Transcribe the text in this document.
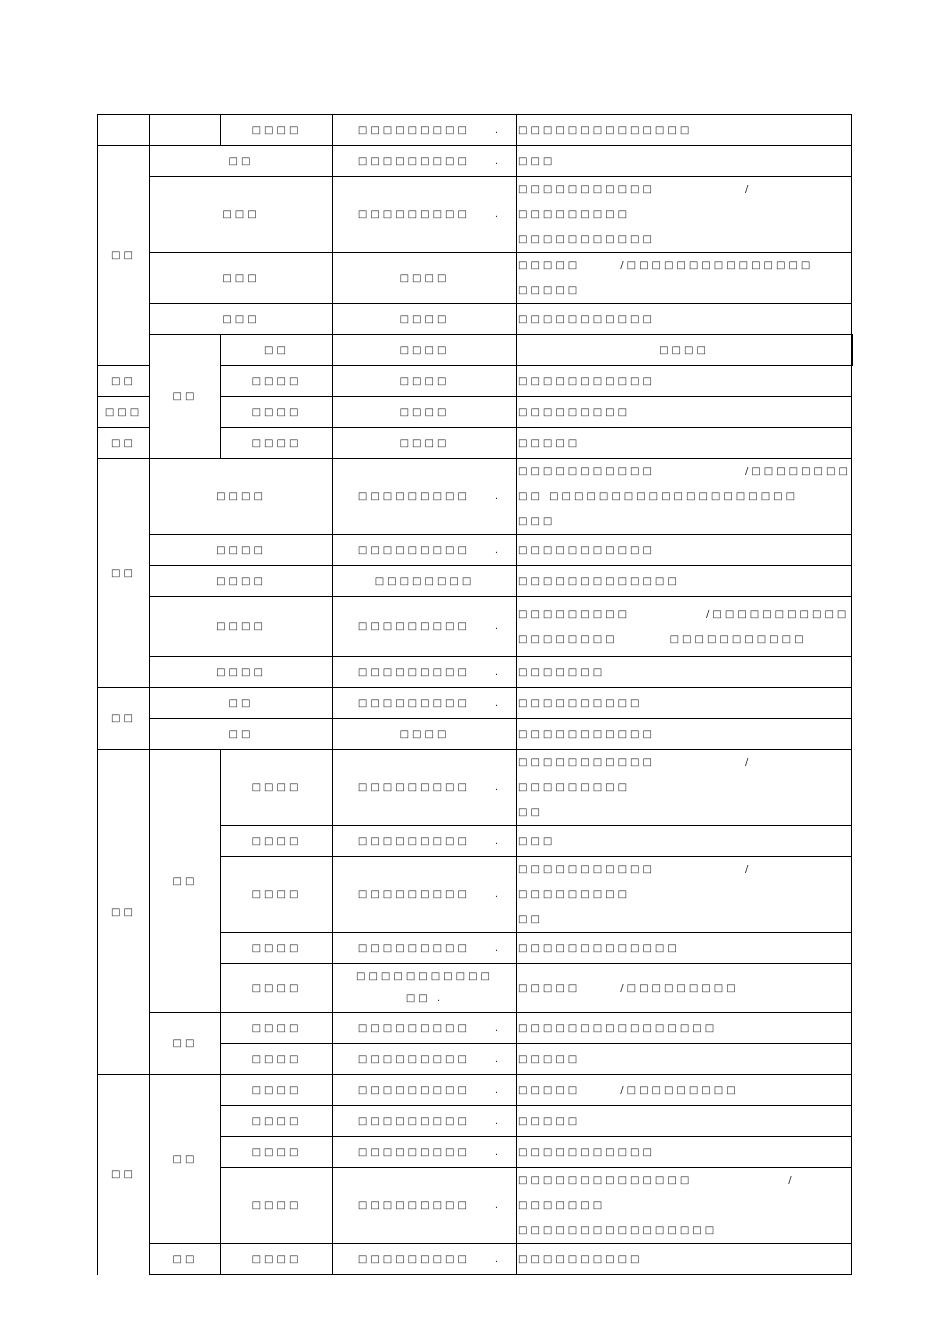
		□□□□	□□□□□□□□□ .	□□□□□□□□□□□□□□	
□□	□□		□□□□□□□□□ .	□□□	
	□□□		□□□□□□□□□ .	□□□□□□□□□□□ /□□□□□□□□□
□□□□□□□□□□□	
	□□□		□□□□	□□□□□ /□□□□□□□□□□□□□□□
□□□□□	
	□□□		□□□□	□□□□□□□□□□□	
	□□	□□	□□□□	□□□□	
□□		□□□□	□□□□	□□□□□□□□□□□	
□□□		□□□□	□□□□	□□□□□□□□□	
□□		□□□□	□□□□	□□□□□	
□□	□□□□		□□□□□□□□□ .	□□□□□□□□□□□ /□□□□□□□□
□□ □□□□□□□□□□□□□□□□□□□□
□□□	
	□□□□		□□□□□□□□□ .	□□□□□□□□□□□	
	□□□□		□□□□□□□□	□□□□□□□□□□□□□	
	□□□□		□□□□□□□□□ .	□□□□□□□□□ /□□□□□□□□□□□
□□□□□□□□ □□□□□□□□□□□	
	□□□□		□□□□□□□□□ .	□□□□□□□	
□□	□□		□□□□□□□□□ .	□□□□□□□□□□	
	□□		□□□□	□□□□□□□□□□□	
□□	□□	□□□□	□□□□□□□□□ .	□□□□□□□□□□□ /□□□□□□□□□
□□	
		□□□□	□□□□□□□□□ .	□□□	
		□□□□	□□□□□□□□□ .	□□□□□□□□□□□ /□□□□□□□□□
□□	
		□□□□	□□□□□□□□□ .	□□□□□□□□□□□□□	
		□□□□	□□□□□□□□□□□
□□ .	□□□□□ /□□□□□□□□□	
	□□	□□□□	□□□□□□□□□ .	□□□□□□□□□□□□□□□□	
		□□□□	□□□□□□□□□ .	□□□□□	
□□	□□	□□□□	□□□□□□□□□ .	□□□□□ /□□□□□□□□□	
		□□□□	□□□□□□□□□ .	□□□□□	
		□□□□	□□□□□□□□□ .	□□□□□□□□□□□	
		□□□□	□□□□□□□□□ .	□□□□□□□□□□□□□□ /□□□□□□□
□□□□□□□□□□□□□□□□	
	□□	□□□□	□□□□□□□□□ .	□□□□□□□□□□	
